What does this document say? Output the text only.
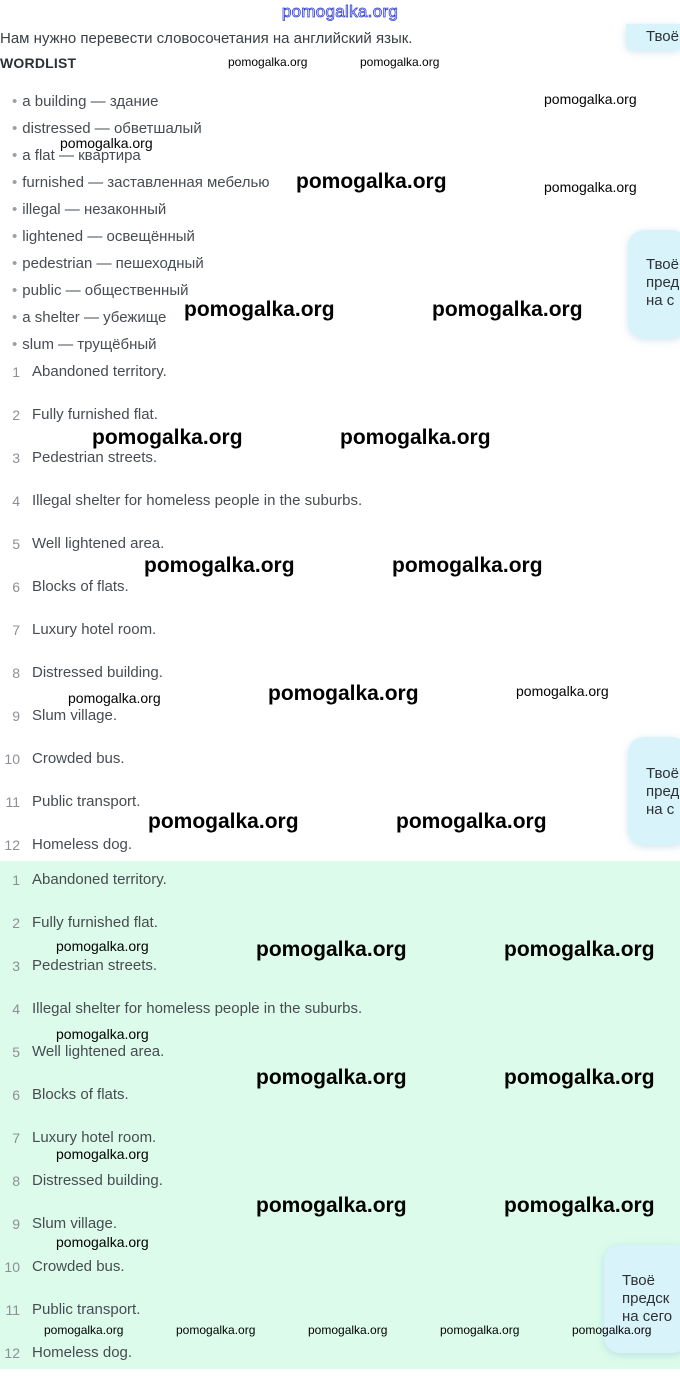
pomogalka.org
Нам нужно перевести словосочетания на английский язык.
WORDLIST
• a building — здание
• distressed — обветшалый
• a flat — квартира
• furnished — заставленная мебелью
• illegal — незаконный
• lightened — освещённый
• pedestrian — пешеходный
• public — общественный
• a shelter — убежище
• slum — трущёбный
1 Abandoned territory.
2 Fully furnished flat.
3 Pedestrian streets.
4 Illegal shelter for homeless people in the suburbs.
5 Well lightened area.
6 Blocks of flats.
7 Luxury hotel room.
8 Distressed building.
9 Slum village.
10 Crowded bus.
11 Public transport.
12 Homeless dog.
1 Abandoned territory.
2 Fully furnished flat.
3 Pedestrian streets.
4 Illegal shelter for homeless people in the suburbs.
5 Well lightened area.
6 Blocks of flats.
7 Luxury hotel room.
8 Distressed building.
9 Slum village.
10 Crowded bus.
11 Public transport.
12 Homeless dog.
Твоё
Твоё
пред
на с
Твоё
пред
на с
Твоё
предск
на сего
pomogalka.org	pomogalka.org
pomogalka.org
pomogalka.org
pomogalka.org	pomogalka.org
pomogalka.org	pomogalka.org
pomogalka.org	pomogalka.org
pomogalka.org	pomogalka.org
pomogalka.org	pomogalka.org	pomogalka.org
pomogalka.org	pomogalka.org
pomogalka.org	pomogalka.org	pomogalka.org
pomogalka.org
pomogalka.org	pomogalka.org
pomogalka.org
pomogalka.org	pomogalka.org
pomogalka.org
pomogalka.org	pomogalka.org	pomogalka.org	pomogalka.org	pomogalka.org
